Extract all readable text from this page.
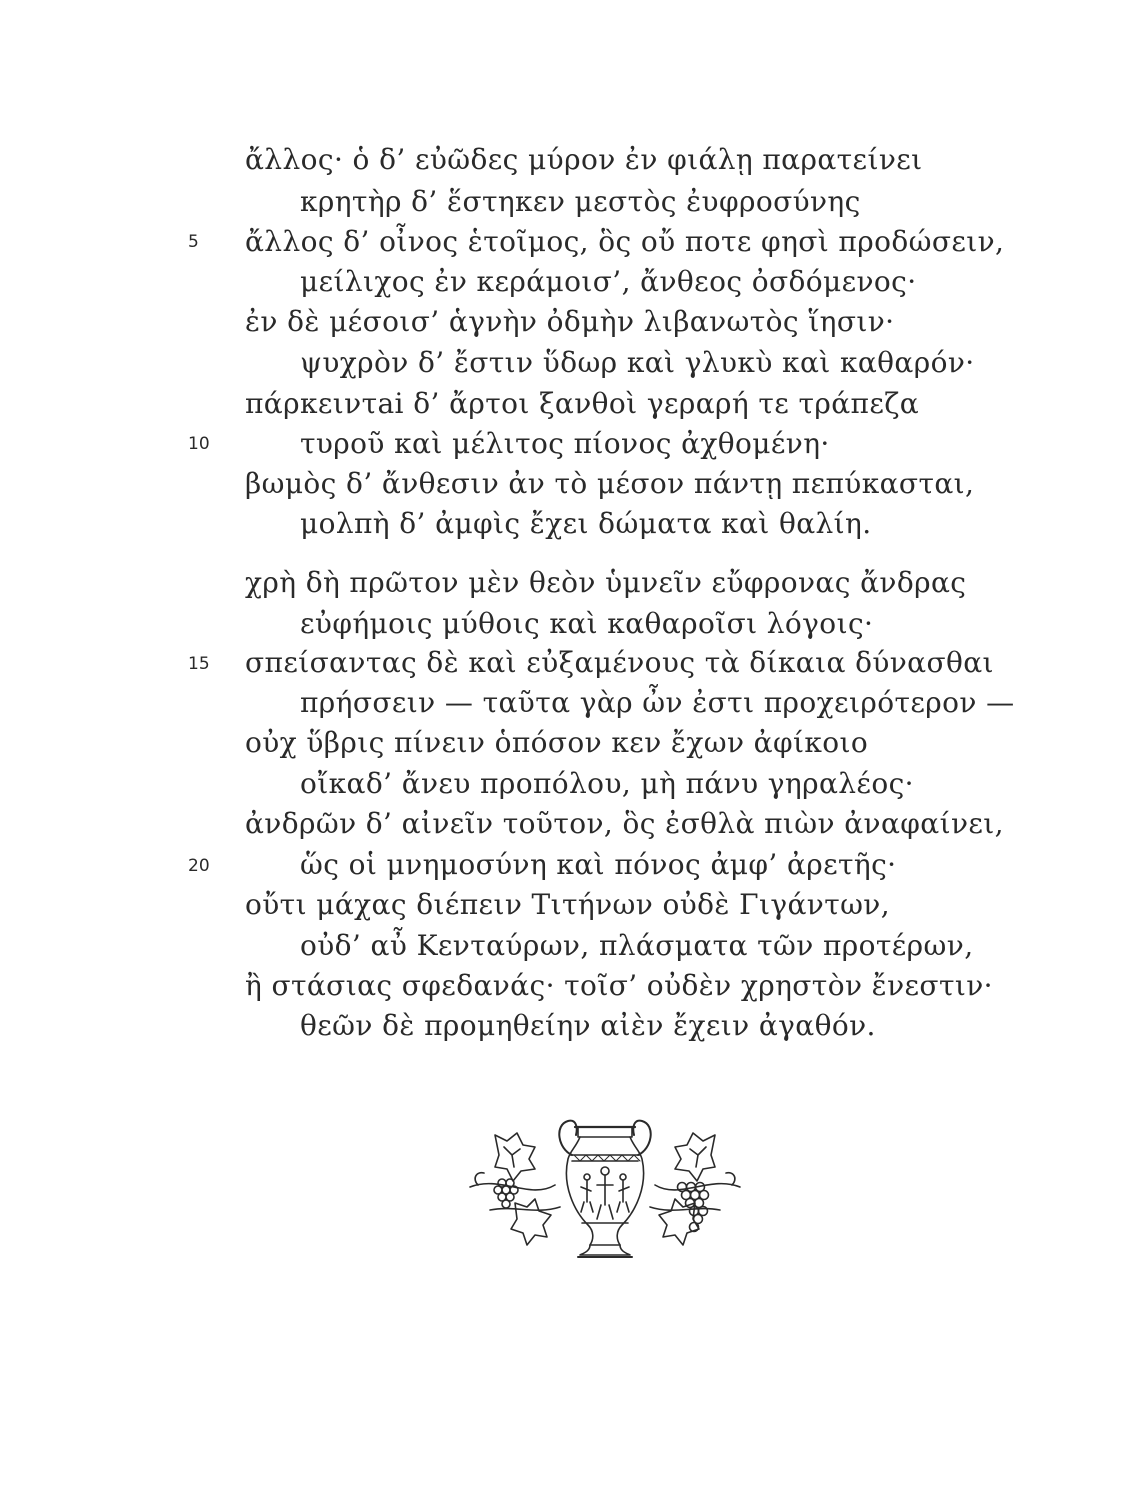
ἄλλος· ὁ δ’ εὐῶδες μύρον ἐν φιάλῃ παρατείνει
κρητὴρ δ’ ἕστηκεν μεστὸς ἐυφροσύνης
ἄλλος δ’ οἶνος ἑτοῖμος, ὃς οὔ ποτε φησὶ προδώσειν,
μείλιχος ἐν κεράμοισ’, ἄνθεος ὀσδόμενος·
ἐν δὲ μέσοισ’ ἁγνὴν ὀδμὴν λιβανωτὸς ἵησιν·
ψυχρὸν δ’ ἔστιν ὕδωρ καὶ γλυκὺ καὶ καθαρόν·
πάρκειντai δ’ ἄρτοι ξανθοὶ γεραρή τε τράπεζα
τυροῦ καὶ μέλιτος πίονος ἀχθομένη·
βωμὸς δ’ ἄνθεσιν ἀν τὸ μέσον πάντῃ πεπύκασται,
μολπὴ δ’ ἀμφὶς ἔχει δώματα καὶ θαλίη.
χρὴ δὴ πρῶτον μὲν θεὸν ὑμνεῖν εὔφρονας ἄνδρας
εὐφήμοις μύθοις καὶ καθαροῖσι λόγοις·
σπείσαντας δὲ καὶ εὐξαμένους τὰ δίκαια δύνασθαι
πρήσσειν — ταῦτα γὰρ ὦν ἐστι προχειρότερον —
οὐχ ὕβρις πίνειν ὁπόσον κεν ἔχων ἀφίκοιο
οἴκαδ’ ἄνευ προπόλου, μὴ πάνυ γηραλέος·
ἀνδρῶν δ’ αἰνεῖν τοῦτον, ὃς ἐσθλὰ πιὼν ἀναφαίνει,
ὥς οἱ μνημοσύνη καὶ πόνος ἀμφ’ ἀρετῆς·
οὔτι μάχας διέπειν Τιτήνων οὐδὲ Γιγάντων,
οὐδ’ αὖ Κενταύρων, πλάσματα τῶν προτέρων,
ἢ στάσιας σφεδανάς· τοῖσ’ οὐδὲν χρηστὸν ἔνεστιν·
θεῶν δὲ προμηθείην αἰὲν ἔχειν ἀγαθόν.
5
10
15
20
